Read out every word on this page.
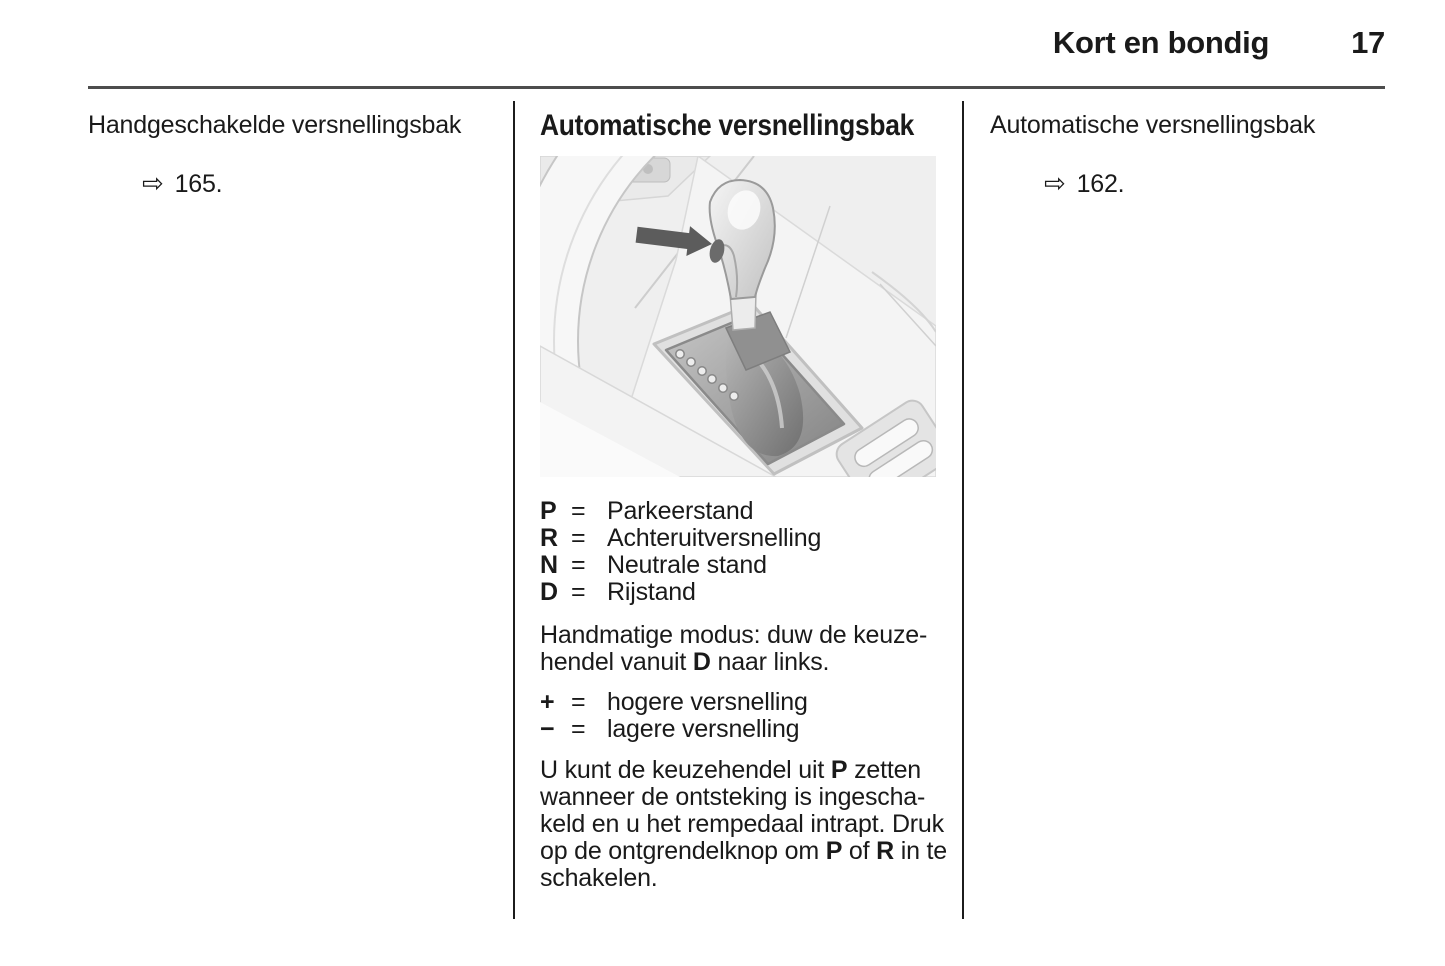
Kort en bondig	17
Handgeschakelde versnellingsbak

⇨ 165.

Automatische versnellingsbak
P = Parkeerstand
R = Achteruitversnelling
N = Neutrale stand
D = Rijstand
Handmatige modus: duw de keuze-
hendel vanuit D naar links.
+ = hogere versnelling
− = lagere versnelling
U kunt de keuzehendel uit P zetten
wanneer de ontsteking is ingescha-
keld en u het rempedaal intrapt. Druk
op de ontgrendelknop om P of R in te
schakelen.
Automatische versnellingsbak

⇨ 162.
